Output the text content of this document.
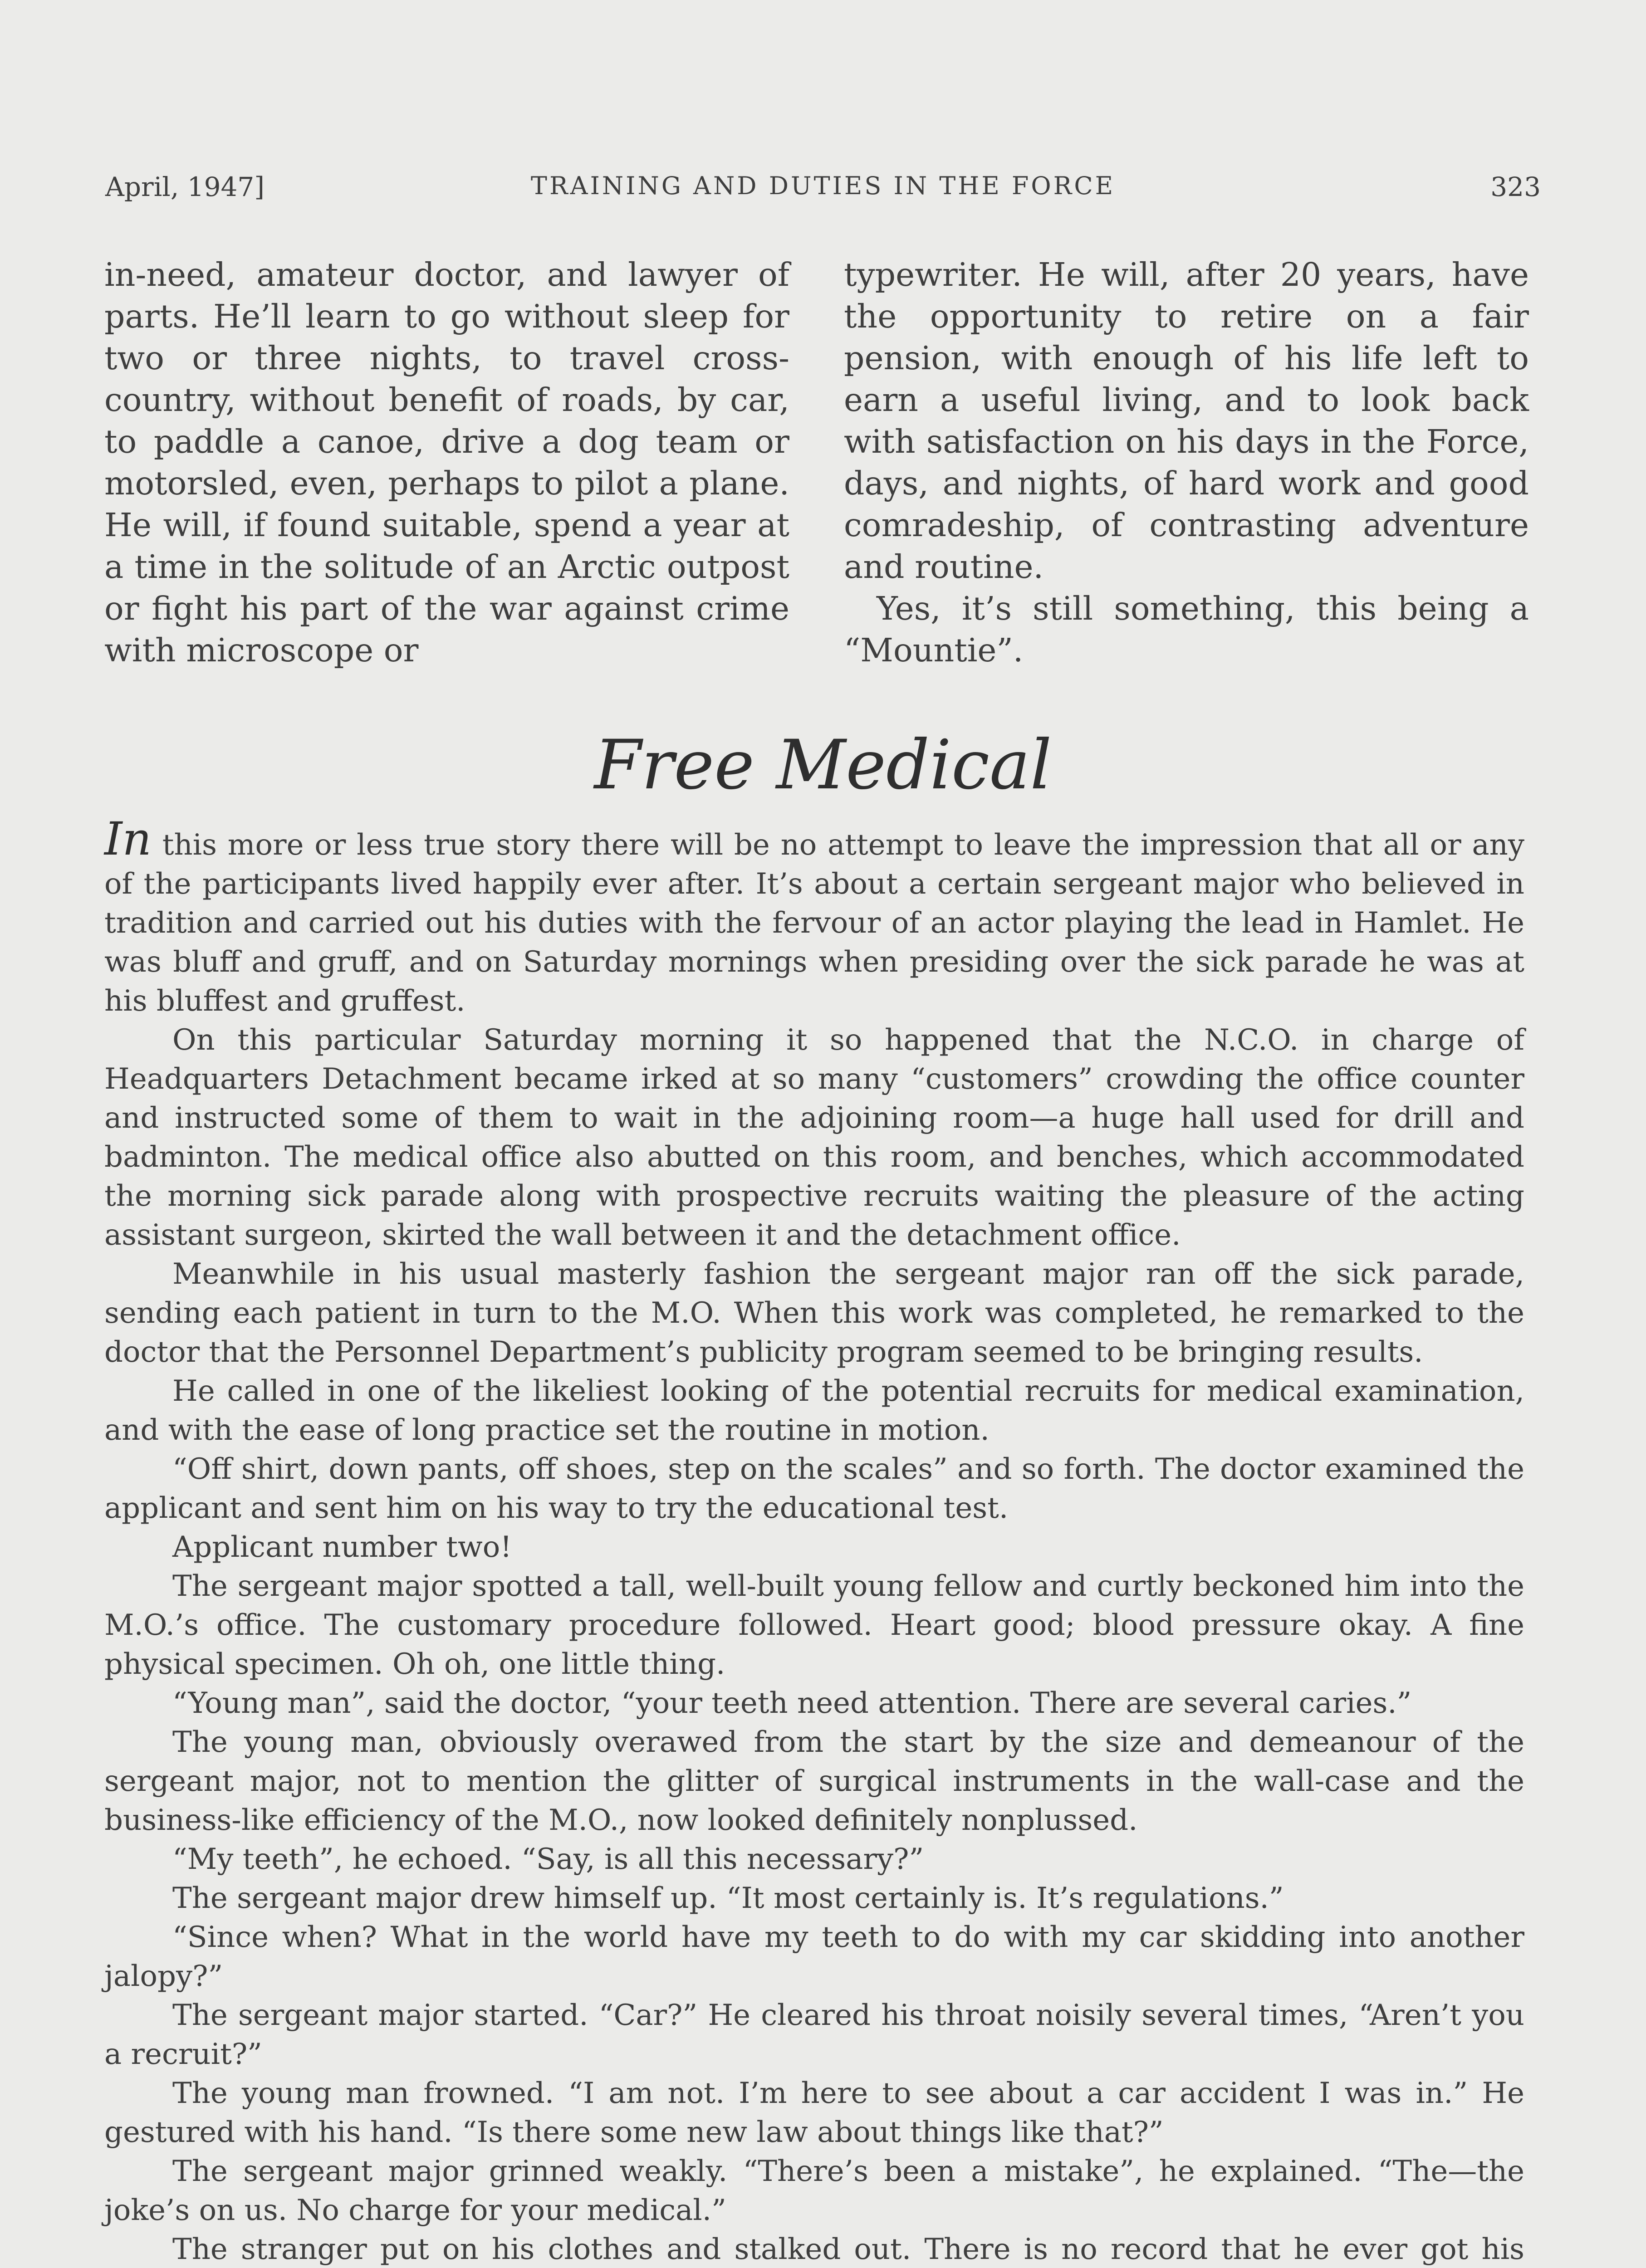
April, 1947]	TRAINING AND DUTIES IN THE FORCE	323

in-need, amateur doctor, and lawyer of parts. He’ll learn to go without sleep for two or three nights, to travel cross-country, without benefit of roads, by car, to paddle a canoe, drive a dog team or motorsled, even, perhaps to pilot a plane. He will, if found suitable, spend a year at a time in the solitude of an Arctic outpost or fight his part of the war against crime with microscope or

typewriter. He will, after 20 years, have the opportunity to retire on a fair pension, with enough of his life left to earn a useful living, and to look back with satisfaction on his days in the Force, days, and nights, of hard work and good comradeship, of contrasting adventure and routine.

Yes, it’s still something, this being a “Mountie”.

Free Medical

In this more or less true story there will be no attempt to leave the impression that all or any of the participants lived happily ever after. It’s about a certain sergeant major who believed in tradition and carried out his duties with the fervour of an actor playing the lead in Hamlet. He was bluff and gruff, and on Saturday mornings when presiding over the sick parade he was at his bluffest and gruffest.

On this particular Saturday morning it so happened that the N.C.O. in charge of Headquarters Detachment became irked at so many “customers” crowding the office counter and instructed some of them to wait in the adjoining room—a huge hall used for drill and badminton. The medical office also abutted on this room, and benches, which accommodated the morning sick parade along with prospective recruits waiting the pleasure of the acting assistant surgeon, skirted the wall between it and the detachment office.

Meanwhile in his usual masterly fashion the sergeant major ran off the sick parade, sending each patient in turn to the M.O. When this work was completed, he remarked to the doctor that the Personnel Department’s publicity program seemed to be bringing results.

He called in one of the likeliest looking of the potential recruits for medical examination, and with the ease of long practice set the routine in motion.

“Off shirt, down pants, off shoes, step on the scales” and so forth. The doctor examined the applicant and sent him on his way to try the educational test.

Applicant number two!

The sergeant major spotted a tall, well-built young fellow and curtly beckoned him into the M.O.’s office. The customary procedure followed. Heart good; blood pressure okay. A fine physical specimen. Oh oh, one little thing.

“Young man”, said the doctor, “your teeth need attention. There are several caries.”

The young man, obviously overawed from the start by the size and demeanour of the sergeant major, not to mention the glitter of surgical instruments in the wall-case and the business-like efficiency of the M.O., now looked definitely nonplussed.

“My teeth”, he echoed. “Say, is all this necessary?”

The sergeant major drew himself up. “It most certainly is. It’s regulations.”

“Since when? What in the world have my teeth to do with my car skidding into another jalopy?”

The sergeant major started. “Car?” He cleared his throat noisily several times, “Aren’t you a recruit?”

The young man frowned. “I am not. I’m here to see about a car accident I was in.” He gestured with his hand. “Is there some new law about things like that?”

The sergeant major grinned weakly. “There’s been a mistake”, he explained. “The—the joke’s on us. No charge for your medical.”

The stranger put on his clothes and stalked out. There is no record that he ever got his
